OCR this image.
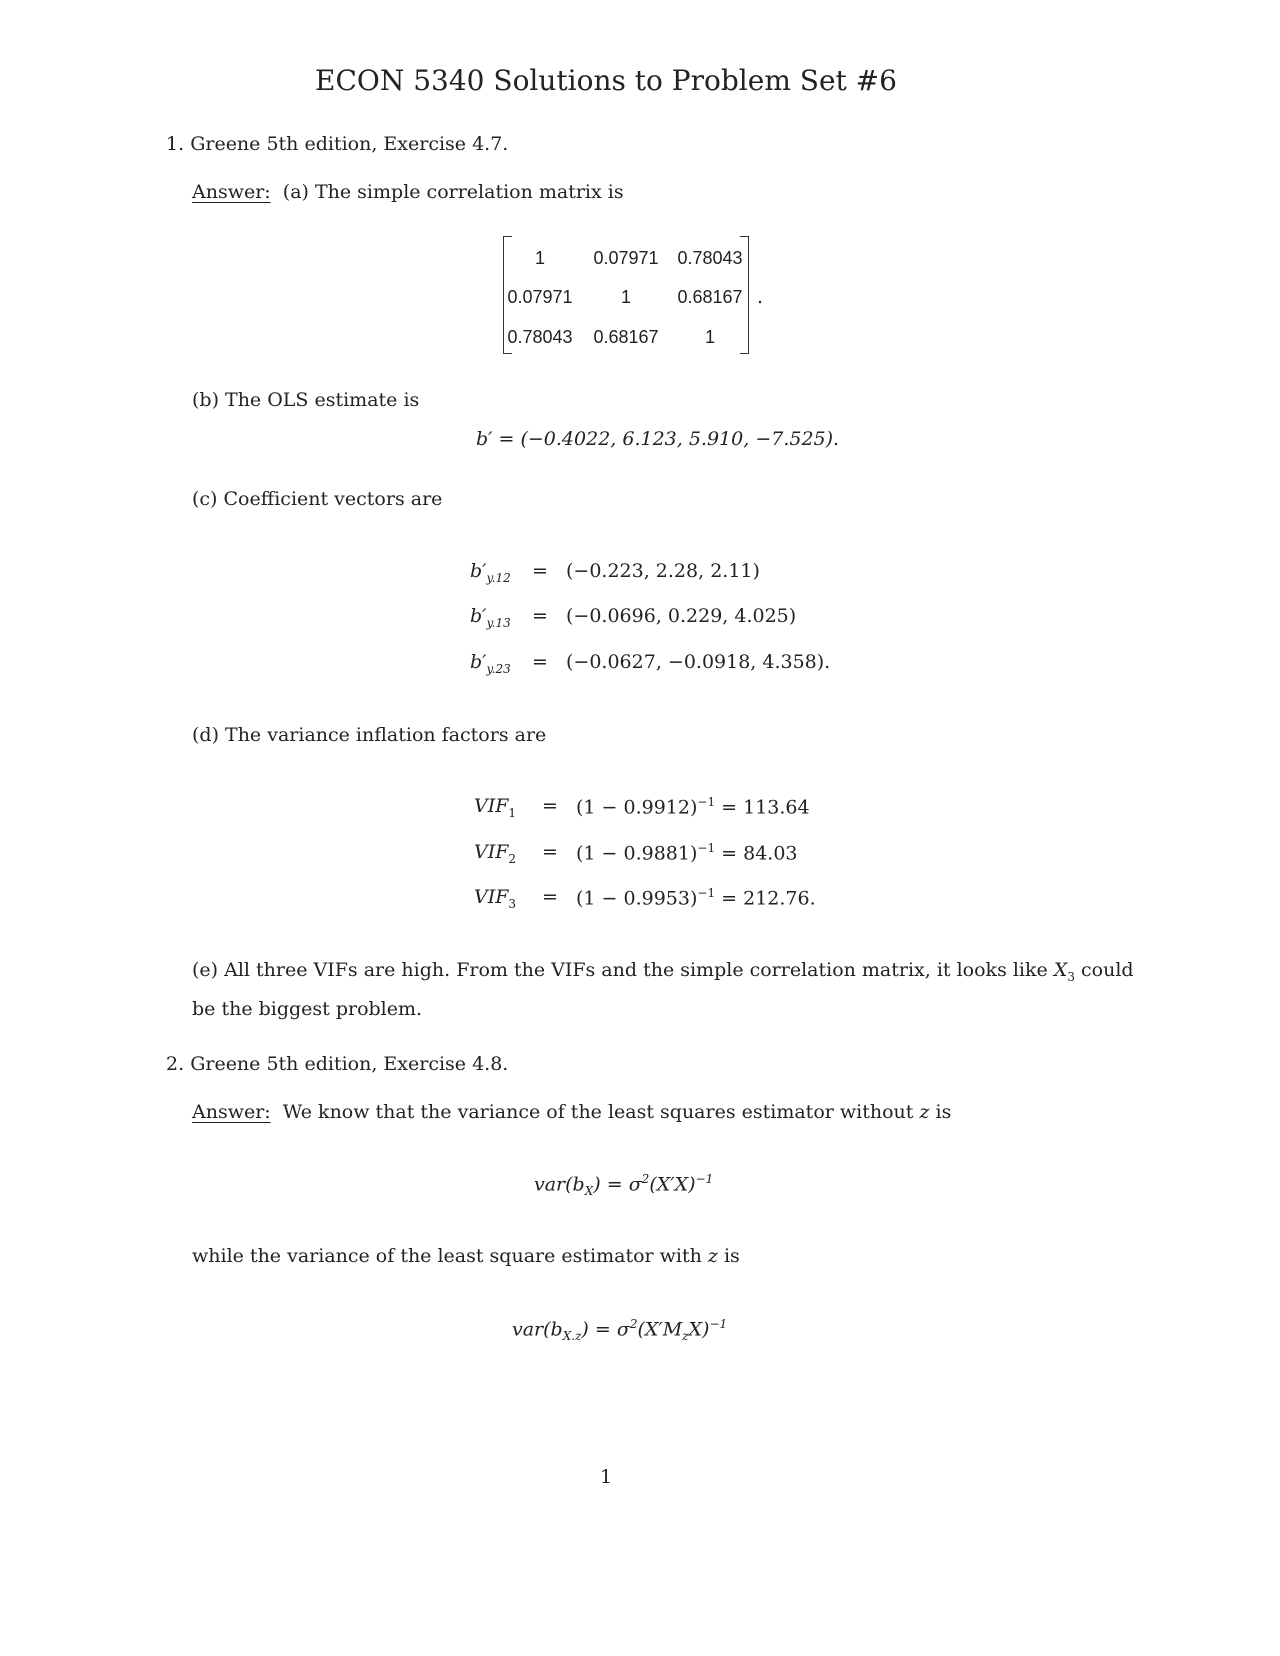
ECON 5340 Solutions to Problem Set #6
1. Greene 5th edition, Exercise 4.7.
Answer: (a) The simple correlation matrix is
1	0.07971	0.78043
0.07971	1	0.68167
0.78043	0.68167	1
.
(b) The OLS estimate is
b′ = (−0.4022, 6.123, 5.910, −7.525).
(c) Coefficient vectors are
$b'_{y.12} = (-0.223$, 2.28, 2.11)
$b'_{y.13} = (-0.0696$, 0.229, 4.025)
$b'_{y.23} = (-0.0627$, −0.0918, 4.358).
(d) The variance inflation factors are
$VIF_1 = (1 - 0.9912)^{-1} = 113.64$
$VIF_2 = (1 - 0.9881)^{-1} = 84.03$
$VIF_3 = (1 - 0.9953)^{-1} = 212.76$.
(e) All three VIFs are high. From the VIFs and the simple correlation matrix, it looks like $X_3$ could
be the biggest problem.
2. Greene 5th edition, Exercise 4.8.
Answer: We know that the variance of the least squares estimator without z is
$var(b_X) = \sigma^2(X'X)^{-1}$
while the variance of the least square estimator with z is
$var(b_{X.z}) = \sigma^2(X'M_zX)^{-1}$
1
